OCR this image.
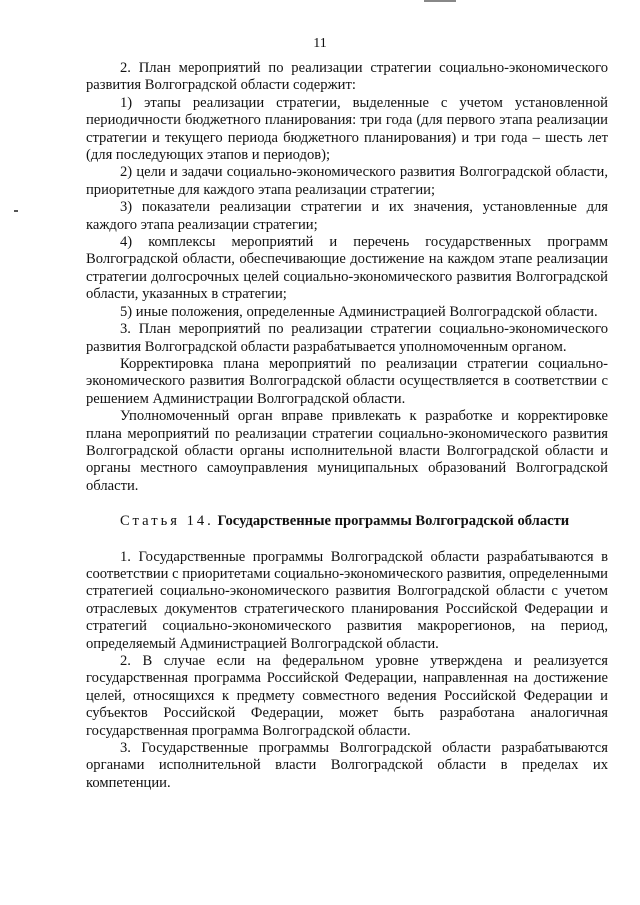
11

2. План мероприятий по реализации стратегии социально-экономического развития Волгоградской области содержит:

1) этапы реализации стратегии, выделенные с учетом установленной периодичности бюджетного планирования: три года (для первого этапа реализации стратегии и текущего периода бюджетного планирования) и три года – шесть лет (для последующих этапов и периодов);

2) цели и задачи социально-экономического развития Волгоградской области, приоритетные для каждого этапа реализации стратегии;

3) показатели реализации стратегии и их значения, установленные для каждого этапа реализации стратегии;

4) комплексы мероприятий и перечень государственных программ Волгоградской области, обеспечивающие достижение на каждом этапе реализации стратегии долгосрочных целей социально-экономического развития Волгоградской области, указанных в стратегии;

5) иные положения, определенные Администрацией Волгоградской области.

3. План мероприятий по реализации стратегии социально-экономического развития Волгоградской области разрабатывается уполномоченным органом.

Корректировка плана мероприятий по реализации стратегии социально-экономического развития Волгоградской области осуществляется в соответствии с решением Администрации Волгоградской области.

Уполномоченный орган вправе привлекать к разработке и корректировке плана мероприятий по реализации стратегии социально-экономического развития Волгоградской области органы исполнительной власти Волгоградской области и органы местного самоуправления муниципальных образований Волгоградской области.

Статья 14. Государственные программы Волгоградской области

1. Государственные программы Волгоградской области разрабатываются в соответствии с приоритетами социально-экономического развития, определенными стратегией социально-экономического развития Волгоградской области с учетом отраслевых документов стратегического планирования Российской Федерации и стратегий социально-экономического развития макрорегионов, на период, определяемый Администрацией Волгоградской области.

2. В случае если на федеральном уровне утверждена и реализуется государственная программа Российской Федерации, направленная на достижение целей, относящихся к предмету совместного ведения Российской Федерации и субъектов Российской Федерации, может быть разработана аналогичная государственная программа Волгоградской области.

3. Государственные программы Волгоградской области разрабатываются органами исполнительной власти Волгоградской области в пределах их компетенции.
